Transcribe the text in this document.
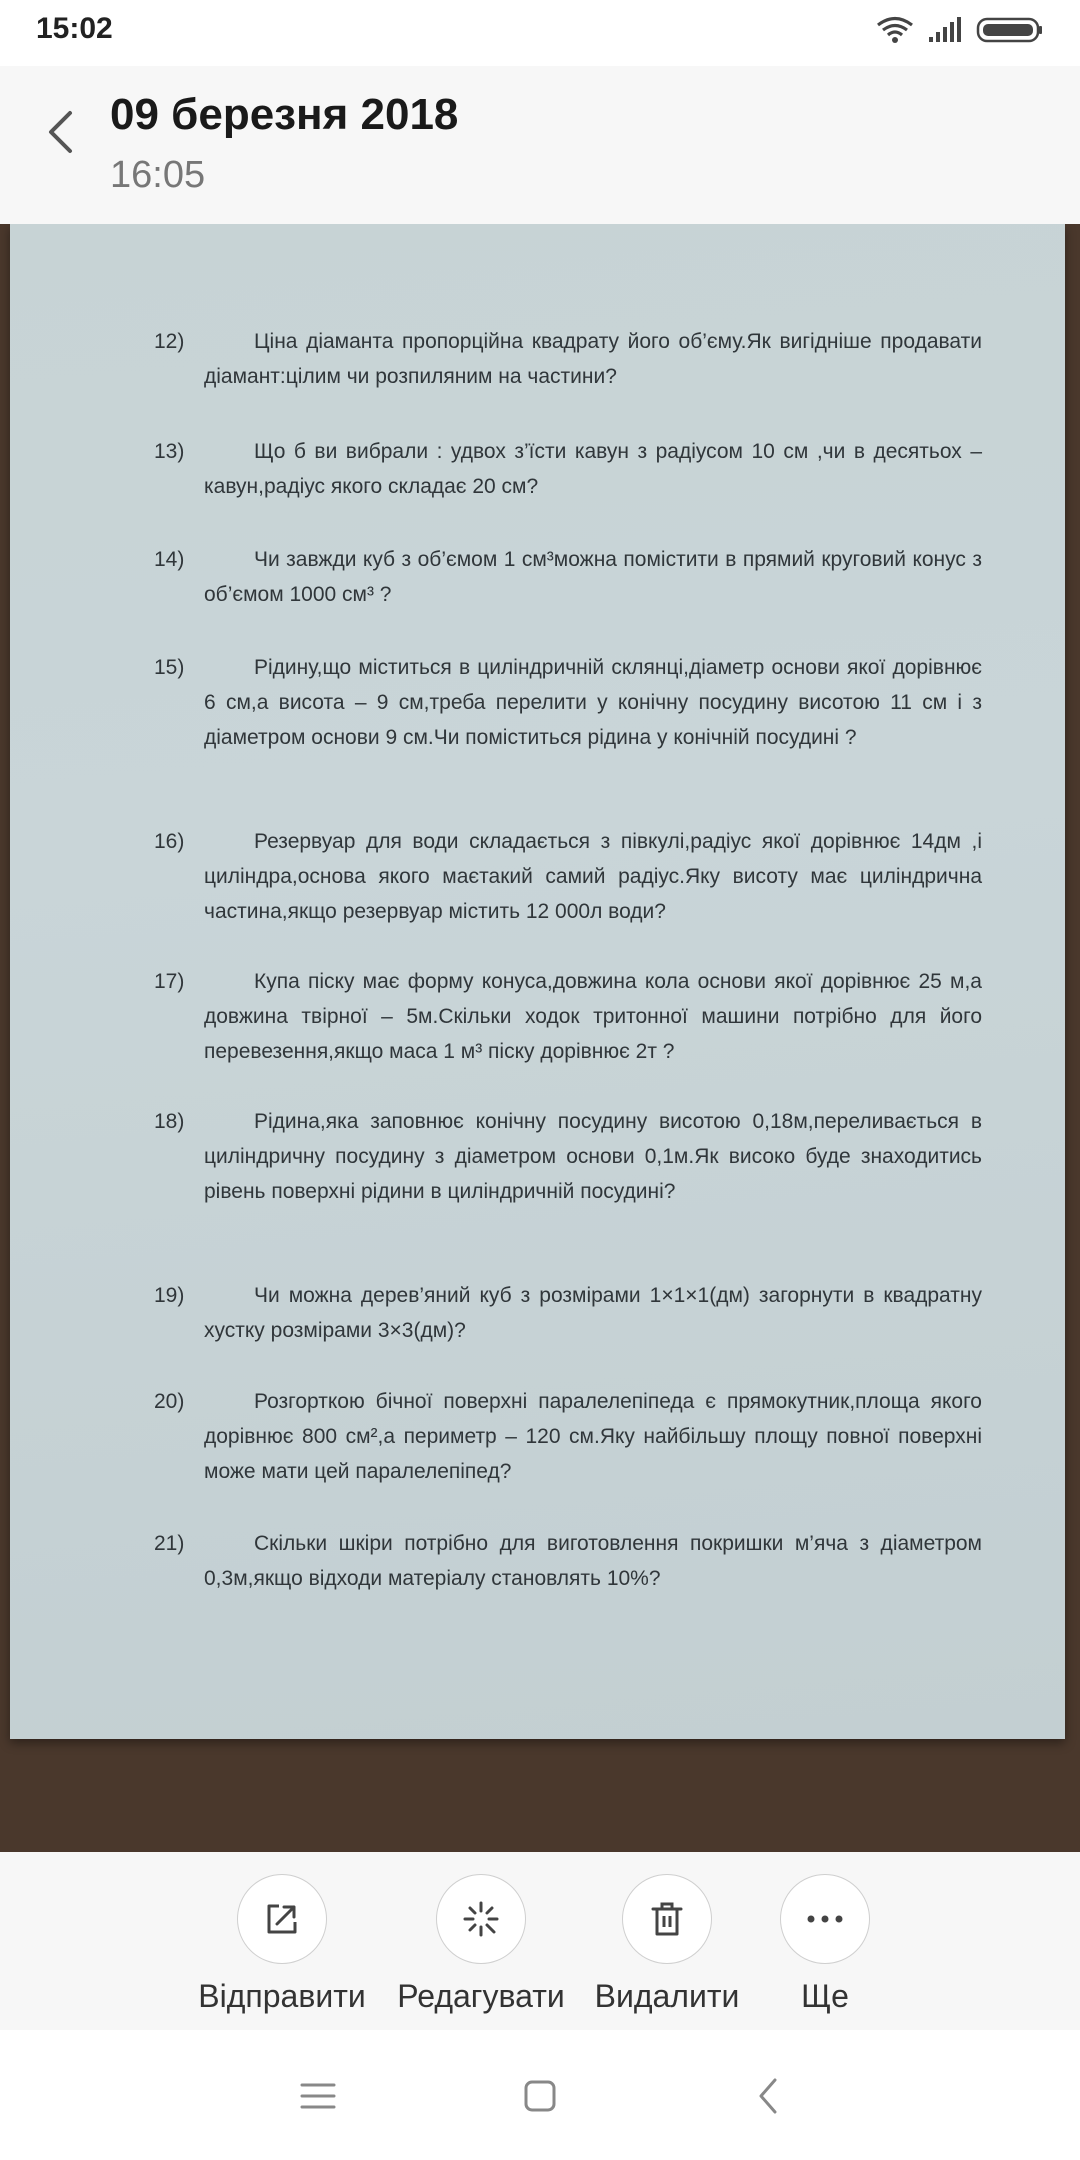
15:02
09 березня 2018
16:05
12)	Ціна діаманта пропорційна квадрату його об’єму.Як вигідніше продавати діамант:цілим чи розпиляним на частини?

13)	Що б ви вибрали : удвох з’їсти кавун з радіусом 10 см ,чи в десятьох – кавун,радіус якого складає 20 см?

14)	Чи завжди куб з об’ємом 1 см³можна помістити в прямий круговий конус з об’ємом 1000 см³ ?

15)	Рідину,що міститься в циліндричній склянці,діаметр основи якої дорівнює 6 см,а висота – 9 см,треба перелити у конічну посудину висотою 11 см і з діаметром основи 9 см.Чи поміститься рідина у конічній посудині ?

16)	Резервуар для води складається з півкулі,радіус якої дорівнює 14дм ,і циліндра,основа якого маєтакий самий радіус.Яку висоту має циліндрична частина,якщо резервуар містить 12 000л води?

17)	Купа піску має форму конуса,довжина кола основи якої дорівнює 25 м,а довжина твірної – 5м.Скільки ходок тритонної машини потрібно для його перевезення,якщо маса 1 м³ піску дорівнює 2т ?

18)	Рідина,яка заповнює конічну посудину висотою 0,18м,переливається в циліндричну посудину з діаметром основи 0,1м.Як високо буде знаходитись рівень поверхні рідини в циліндричній посудині?

19)	Чи можна дерев’яний куб з розмірами 1×1×1(дм) загорнути в квадратну хустку розмірами 3×3(дм)?

20)	Розгорткою бічної поверхні паралелепіпеда є прямокутник,площа якого дорівнює 800 см²,а периметр – 120 см.Яку найбільшу площу повної поверхні може мати цей паралелепіпед?

21)	Скільки шкіри потрібно для виготовлення покришки м’яча з діаметром 0,3м,якщо відходи матеріалу становлять 10%?

Відправити Редагувати Видалити Ще
